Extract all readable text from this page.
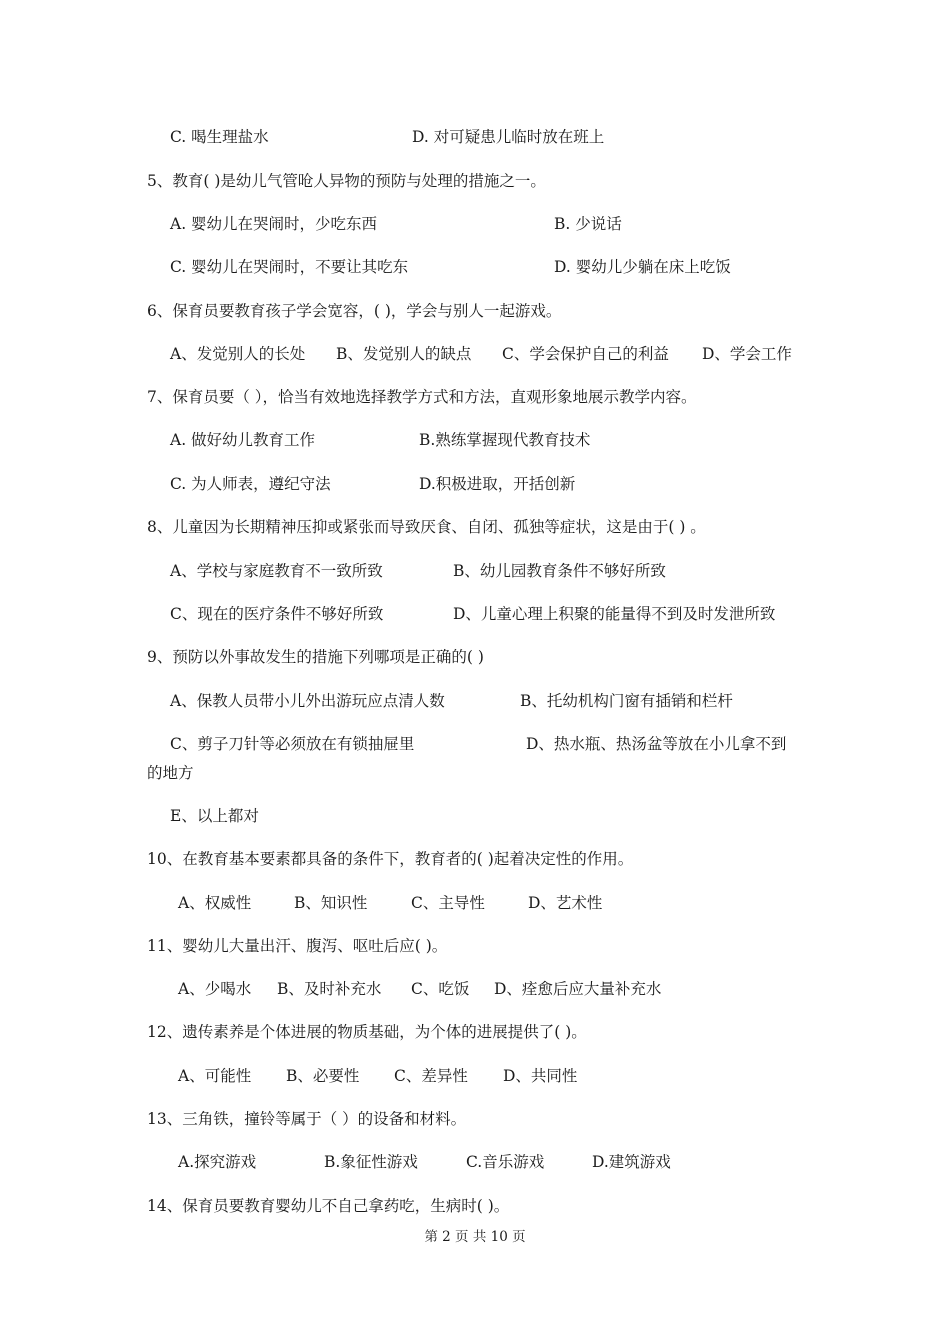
C. 喝生理盐水	D. 对可疑患儿临时放在班上
5、教育( )是幼儿气管呛人异物的预防与处理的措施之一。
A. 婴幼儿在哭闹时，少吃东西	B. 少说话
C. 婴幼儿在哭闹时，不要让其吃东	D. 婴幼儿少躺在床上吃饭
6、保育员要教育孩子学会宽容，( )，学会与别人一起游戏。
A、发觉别人的长处 B、发觉别人的缺点 C、学会保护自己的利益 D、学会工作
7、保育员要（ ），恰当有效地选择教学方式和方法，直观形象地展示教学内容。
A. 做好幼儿教育工作	B.熟练掌握现代教育技术
C. 为人师表，遵纪守法	D.积极进取，开括创新
8、儿童因为长期精神压抑或紧张而导致厌食、自闭、孤独等症状，这是由于( ) 。
A、学校与家庭教育不一致所致	B、幼儿园教育条件不够好所致
C、现在的医疗条件不够好所致	D、儿童心理上积聚的能量得不到及时发泄所致
9、预防以外事故发生的措施下列哪项是正确的( )
A、保教人员带小儿外出游玩应点清人数	B、托幼机构门窗有插销和栏杆
C、剪子刀针等必须放在有锁抽屉里	D、热水瓶、热汤盆等放在小儿拿不到
的地方
E、以上都对
10、在教育基本要素都具备的条件下，教育者的( )起着决定性的作用。
A、权威性	B、知识性	C、主导性	D、艺术性
11、婴幼儿大量出汗、腹泻、呕吐后应( )。
A、少喝水 B、及时补充水 C、吃饭 D、痊愈后应大量补充水
12、遗传素养是个体进展的物质基础，为个体的进展提供了( )。
A、可能性 B、必要性 C、差异性 D、共同性
13、三角铁，撞铃等属于（ ）的设备和材料。
A.探究游戏	B.象征性游戏	C.音乐游戏	D.建筑游戏
14、保育员要教育婴幼儿不自己拿药吃，生病时( )。
第 2 页 共 10 页
